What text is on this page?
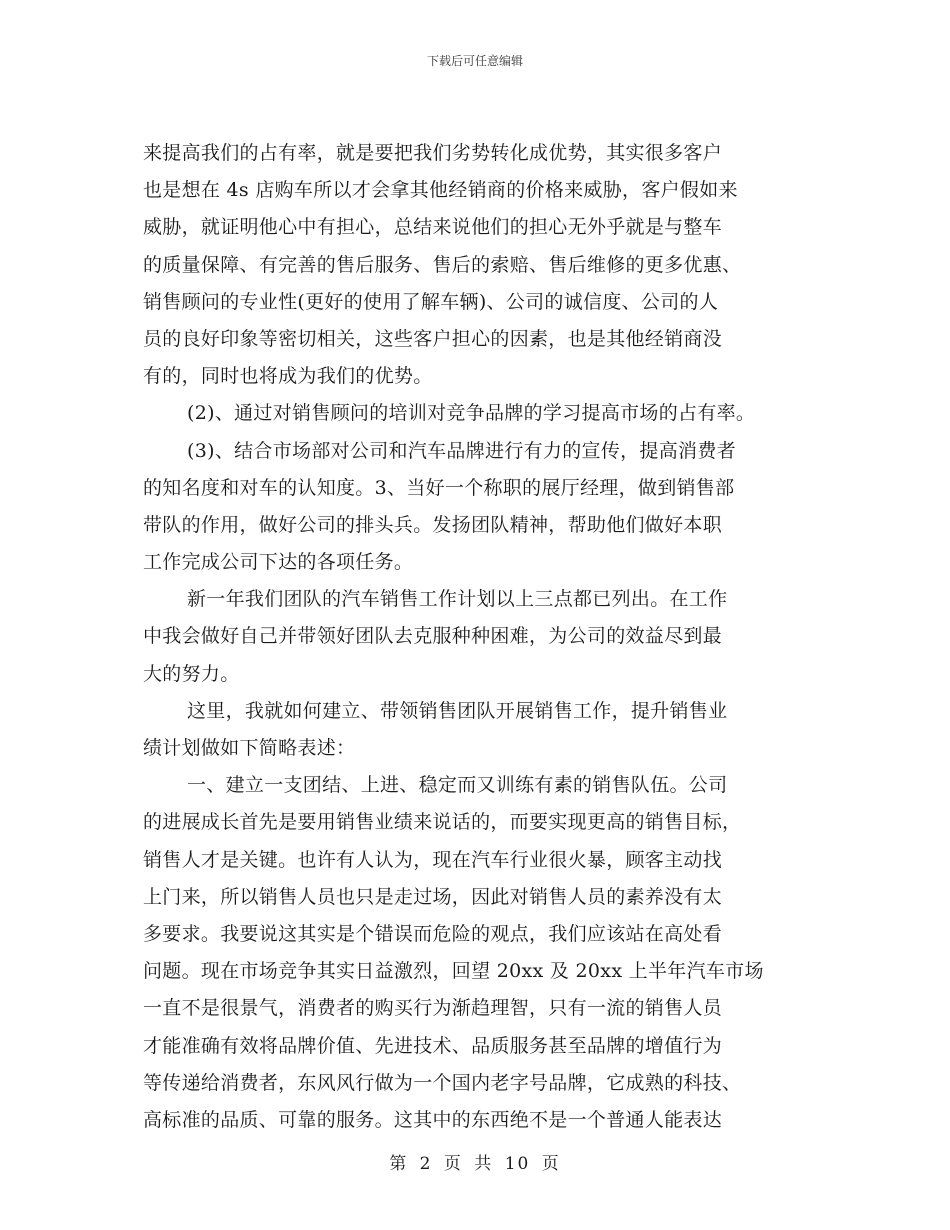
下载后可任意编辑
来提高我们的占有率，就是要把我们劣势转化成优势，其实很多客户
也是想在 4s 店购车所以才会拿其他经销商的价格来威胁，客户假如来
威胁，就证明他心中有担心，总结来说他们的担心无外乎就是与整车
的质量保障、有完善的售后服务、售后的索赔、售后维修的更多优惠、
销售顾问的专业性(更好的使用了解车辆)、公司的诚信度、公司的人
员的良好印象等密切相关，这些客户担心的因素，也是其他经销商没
有的，同时也将成为我们的优势。
(2)、通过对销售顾问的培训对竞争品牌的学习提高市场的占有率。
(3)、结合市场部对公司和汽车品牌进行有力的宣传，提高消费者
的知名度和对车的认知度。3、当好一个称职的展厅经理，做到销售部
带队的作用，做好公司的排头兵。发扬团队精神，帮助他们做好本职
工作完成公司下达的各项任务。
新一年我们团队的汽车销售工作计划以上三点都已列出。在工作
中我会做好自己并带领好团队去克服种种困难，为公司的效益尽到最
大的努力。
这里，我就如何建立、带领销售团队开展销售工作，提升销售业
绩计划做如下简略表述：
一、建立一支团结、上进、稳定而又训练有素的销售队伍。公司
的进展成长首先是要用销售业绩来说话的，而要实现更高的销售目标，
销售人才是关键。也许有人认为，现在汽车行业很火暴，顾客主动找
上门来，所以销售人员也只是走过场，因此对销售人员的素养没有太
多要求。我要说这其实是个错误而危险的观点，我们应该站在高处看
问题。现在市场竞争其实日益激烈，回望 20xx 及 20xx 上半年汽车市场
一直不是很景气，消费者的购买行为渐趋理智，只有一流的销售人员
才能准确有效将品牌价值、先进技术、品质服务甚至品牌的增值行为
等传递给消费者，东风风行做为一个国内老字号品牌，它成熟的科技、
高标准的品质、可靠的服务。这其中的东西绝不是一个普通人能表达
第 2 页 共 10 页
